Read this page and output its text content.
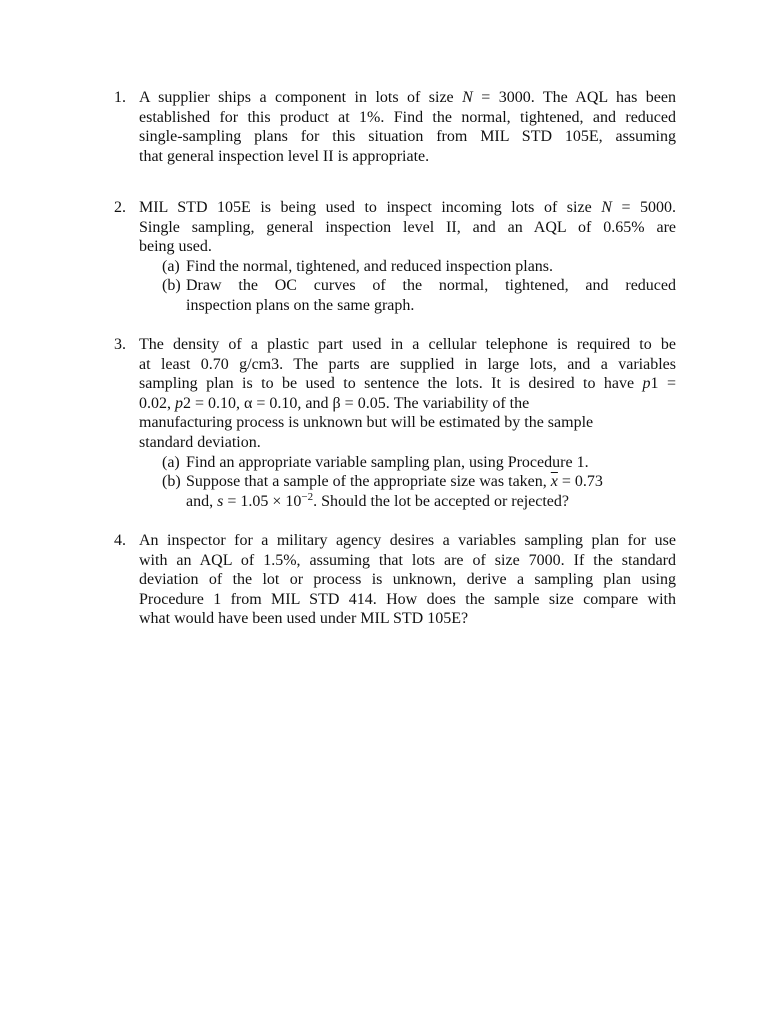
1. A supplier ships a component in lots of size N = 3000. The AQL has been
established for this product at 1%. Find the normal, tightened, and reduced
single-sampling plans for this situation from MIL STD 105E, assuming
that general inspection level II is appropriate.
2. MIL STD 105E is being used to inspect incoming lots of size N = 5000.
Single sampling, general inspection level II, and an AQL of 0.65% are
being used.
(a) Find the normal, tightened, and reduced inspection plans.
(b) Draw the OC curves of the normal, tightened, and reduced
inspection plans on the same graph.
3. The density of a plastic part used in a cellular telephone is required to be
at least 0.70 g/cm3. The parts are supplied in large lots, and a variables
sampling plan is to be used to sentence the lots. It is desired to have p1 =
0.02, p2 = 0.10, α = 0.10, and β = 0.05. The variability of the
manufacturing process is unknown but will be estimated by the sample
standard deviation.
(a) Find an appropriate variable sampling plan, using Procedure 1.
(b) Suppose that a sample of the appropriate size was taken, $\overline{x} = 0.73$
and, $s = 1.05 \times 10^{-2}$. Should the lot be accepted or rejected?
4. An inspector for a military agency desires a variables sampling plan for use
with an AQL of 1.5%, assuming that lots are of size 7000. If the standard
deviation of the lot or process is unknown, derive a sampling plan using
Procedure 1 from MIL STD 414. How does the sample size compare with
what would have been used under MIL STD 105E?
